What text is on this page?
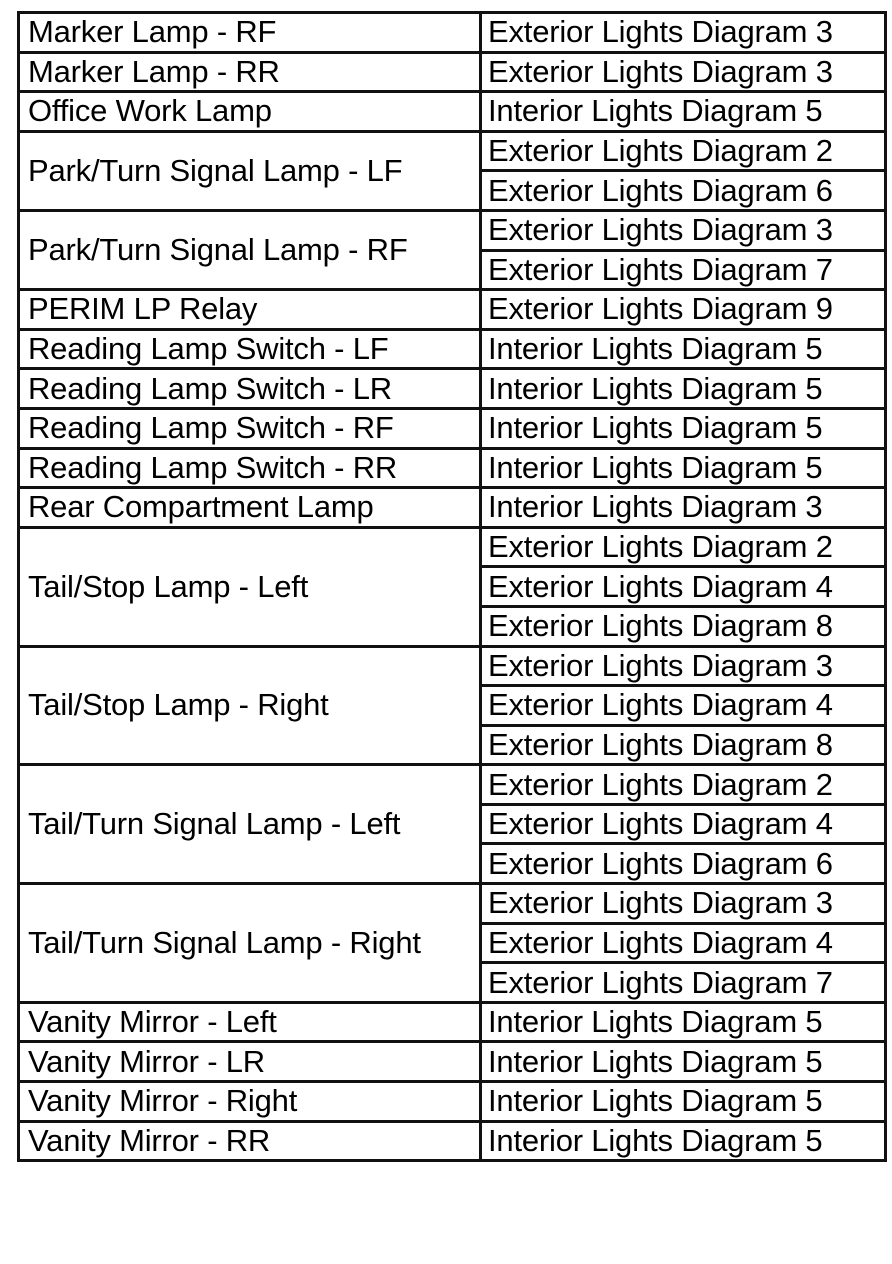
Marker Lamp - RF	Exterior Lights Diagram 3
Marker Lamp - RR	Exterior Lights Diagram 3
Office Work Lamp	Interior Lights Diagram 5
Park/Turn Signal Lamp - LF	Exterior Lights Diagram 2
	Exterior Lights Diagram 6
Park/Turn Signal Lamp - RF	Exterior Lights Diagram 3
	Exterior Lights Diagram 7
PERIM LP Relay	Exterior Lights Diagram 9
Reading Lamp Switch - LF	Interior Lights Diagram 5
Reading Lamp Switch - LR	Interior Lights Diagram 5
Reading Lamp Switch - RF	Interior Lights Diagram 5
Reading Lamp Switch - RR	Interior Lights Diagram 5
Rear Compartment Lamp	Interior Lights Diagram 3
Tail/Stop Lamp - Left	Exterior Lights Diagram 2
	Exterior Lights Diagram 4
	Exterior Lights Diagram 8
Tail/Stop Lamp - Right	Exterior Lights Diagram 3
	Exterior Lights Diagram 4
	Exterior Lights Diagram 8
Tail/Turn Signal Lamp - Left	Exterior Lights Diagram 2
	Exterior Lights Diagram 4
	Exterior Lights Diagram 6
Tail/Turn Signal Lamp - Right	Exterior Lights Diagram 3
	Exterior Lights Diagram 4
	Exterior Lights Diagram 7
Vanity Mirror - Left	Interior Lights Diagram 5
Vanity Mirror - LR	Interior Lights Diagram 5
Vanity Mirror - Right	Interior Lights Diagram 5
Vanity Mirror - RR	Interior Lights Diagram 5
